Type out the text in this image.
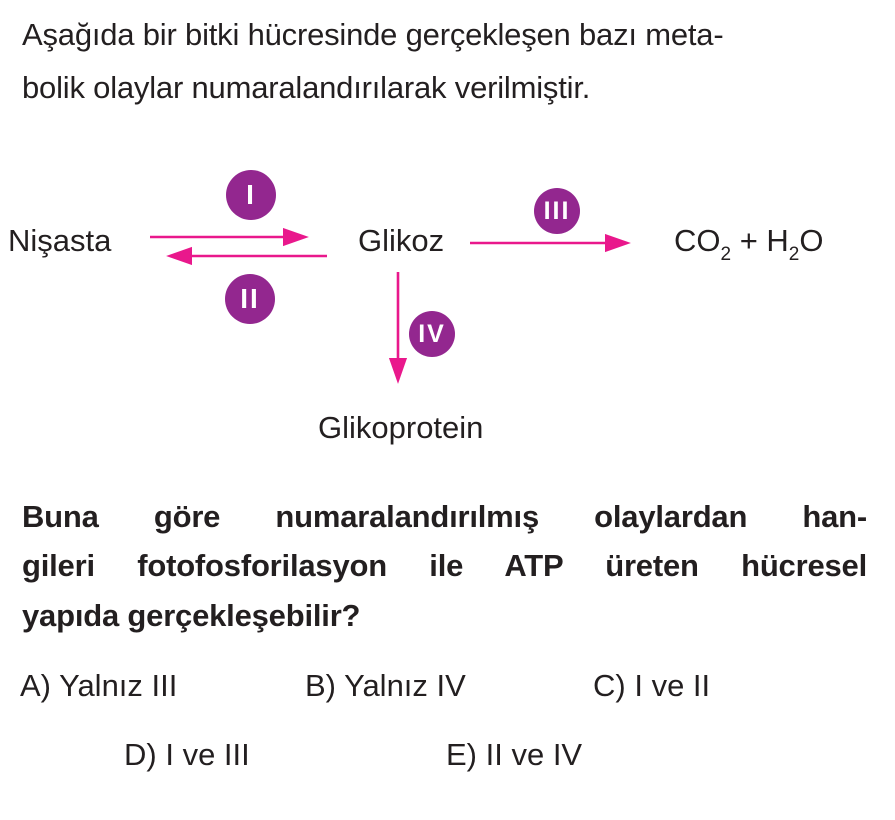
Aşağıda bir bitki hücresinde gerçekleşen bazı meta-
bolik olaylar numaralandırılarak verilmiştir.
Nişasta	Glikoz	$CO_2 + H_2O$
Glikoprotein
I
II
III
IV
Buna göre numaralandırılmış olaylardan han-
gileri fotofosforilasyon ile ATP üreten hücresel
yapıda gerçekleşebilir?
A) Yalnız III	B) Yalnız IV	C) I ve II
D) I ve III	E) II ve IV
